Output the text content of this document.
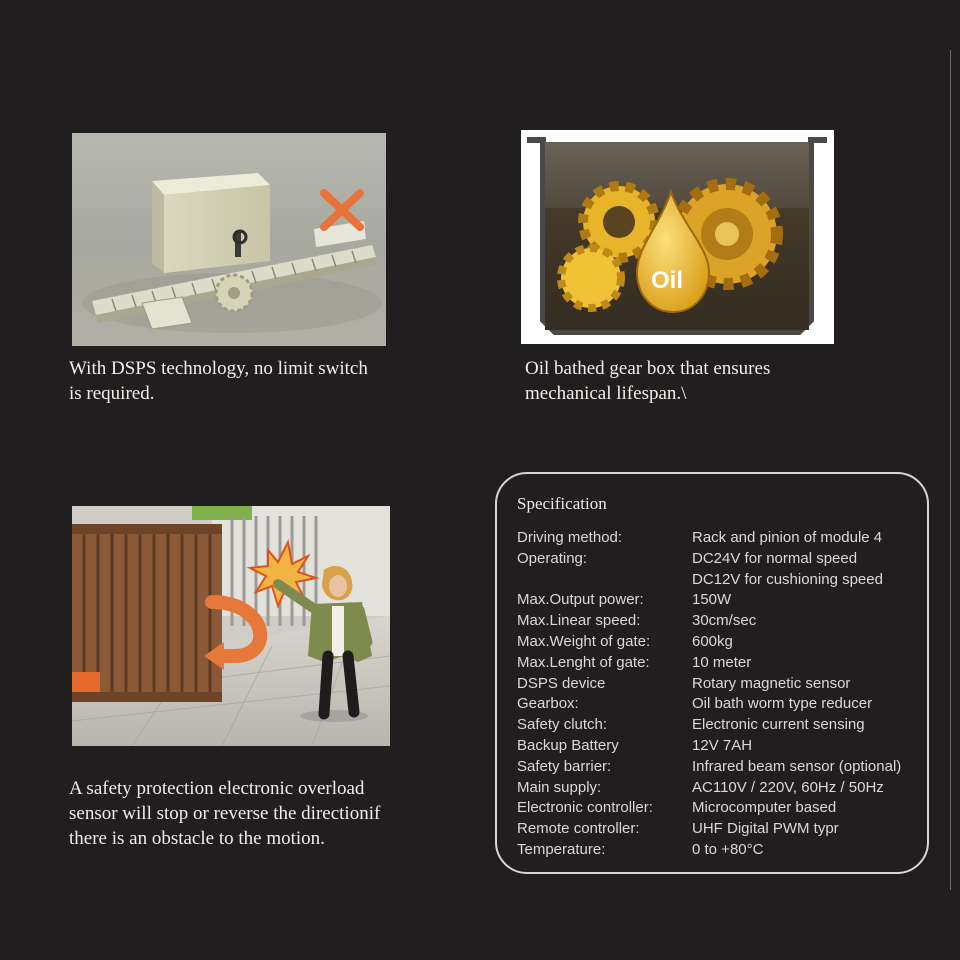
With DSPS technology, no limit switch
is required.
Oil
Oil bathed gear box that ensures
mechanical lifespan.\
A safety protection electronic overload
sensor will stop or reverse the directionif
there is an obstacle to the motion.
Specification
Driving method:	Rack and pinion of module 4
Operating:	DC24V for normal speed
DC12V for cushioning speed
Max.Output power:	150W
Max.Linear speed:	30cm/sec
Max.Weight of gate:	600kg
Max.Lenght of gate:	10 meter
DSPS device	Rotary magnetic sensor
Gearbox:	Oil bath worm type reducer
Safety clutch:	Electronic current sensing
Backup Battery	12V 7AH
Safety barrier:	Infrared beam sensor (optional)
Main supply:	AC110V / 220V, 60Hz / 50Hz
Electronic controller:	Microcomputer based
Remote controller:	UHF Digital PWM typr
Temperature:	0 to +80°C
